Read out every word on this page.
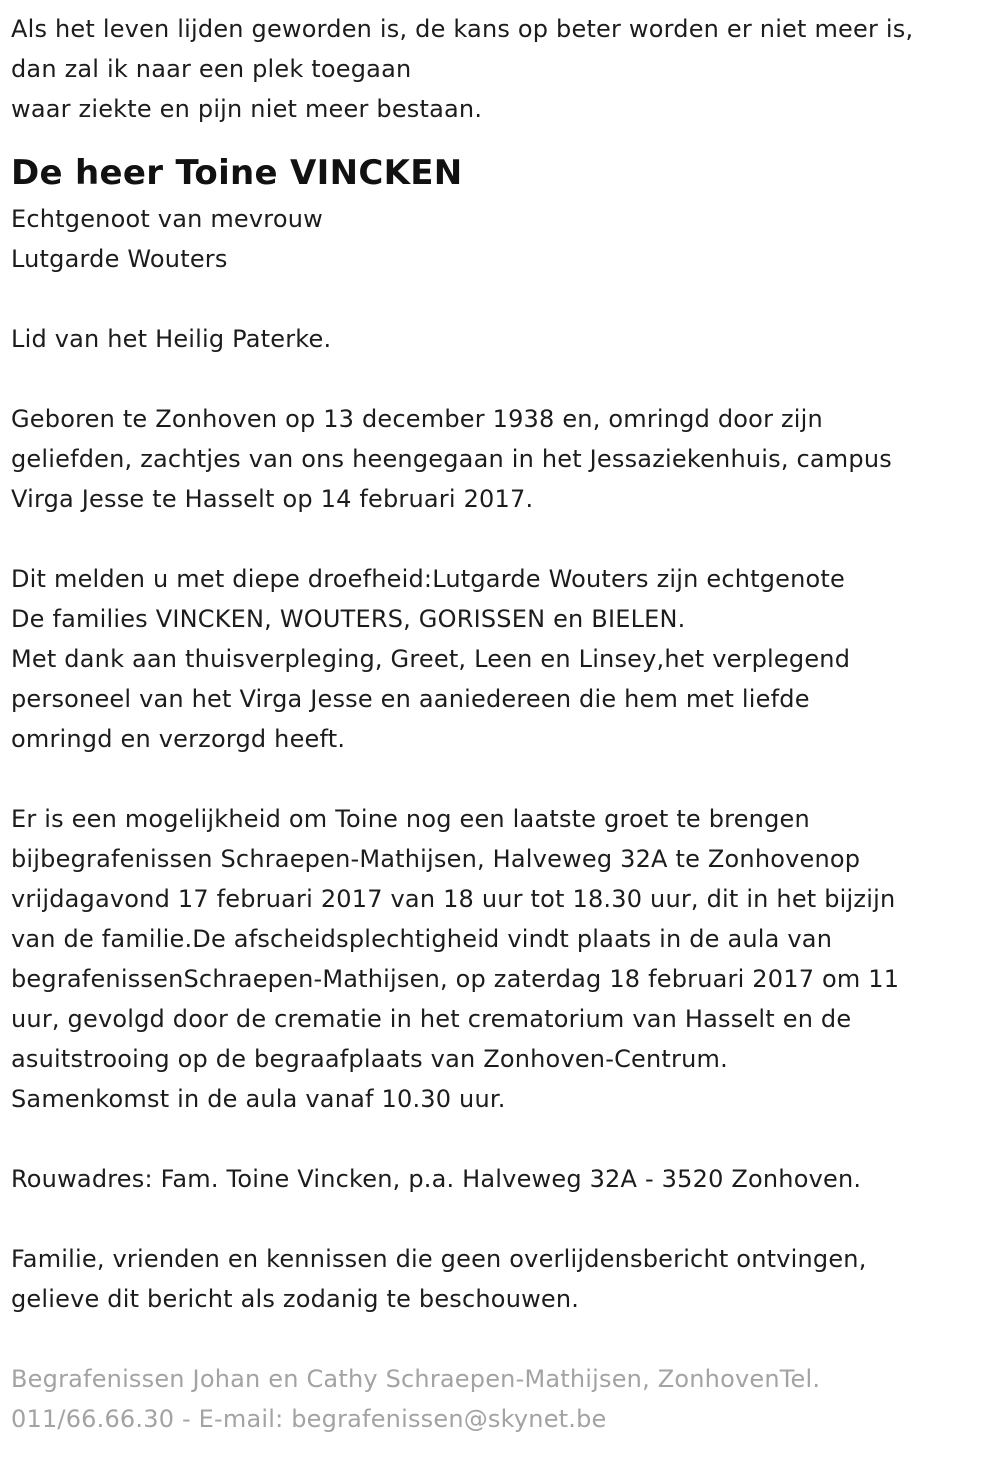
Als het leven lijden geworden is, de kans op beter worden er niet meer is,
dan zal ik naar een plek toegaan
waar ziekte en pijn niet meer bestaan.
De heer Toine VINCKEN
Echtgenoot van mevrouw
Lutgarde Wouters
Lid van het Heilig Paterke.
Geboren te Zonhoven op 13 december 1938 en, omringd door zijn
geliefden, zachtjes van ons heengegaan in het Jessaziekenhuis, campus
Virga Jesse te Hasselt op 14 februari 2017.
Dit melden u met diepe droefheid:Lutgarde Wouters zijn echtgenote
De families VINCKEN, WOUTERS, GORISSEN en BIELEN.
Met dank aan thuisverpleging, Greet, Leen en Linsey,het verplegend
personeel van het Virga Jesse en aaniedereen die hem met liefde
omringd en verzorgd heeft.
Er is een mogelijkheid om Toine nog een laatste groet te brengen
bijbegrafenissen Schraepen-Mathijsen, Halveweg 32A te Zonhovenop
vrijdagavond 17 februari 2017 van 18 uur tot 18.30 uur, dit in het bijzijn
van de familie.De afscheidsplechtigheid vindt plaats in de aula van
begrafenissenSchraepen-Mathijsen, op zaterdag 18 februari 2017 om 11
uur, gevolgd door de crematie in het crematorium van Hasselt en de
asuitstrooing op de begraafplaats van Zonhoven-Centrum.
Samenkomst in de aula vanaf 10.30 uur.
Rouwadres: Fam. Toine Vincken, p.a. Halveweg 32A - 3520 Zonhoven.
Familie, vrienden en kennissen die geen overlijdensbericht ontvingen,
gelieve dit bericht als zodanig te beschouwen.
Begrafenissen Johan en Cathy Schraepen-Mathijsen, ZonhovenTel.
011/66.66.30 - E-mail: begrafenissen@skynet.be
